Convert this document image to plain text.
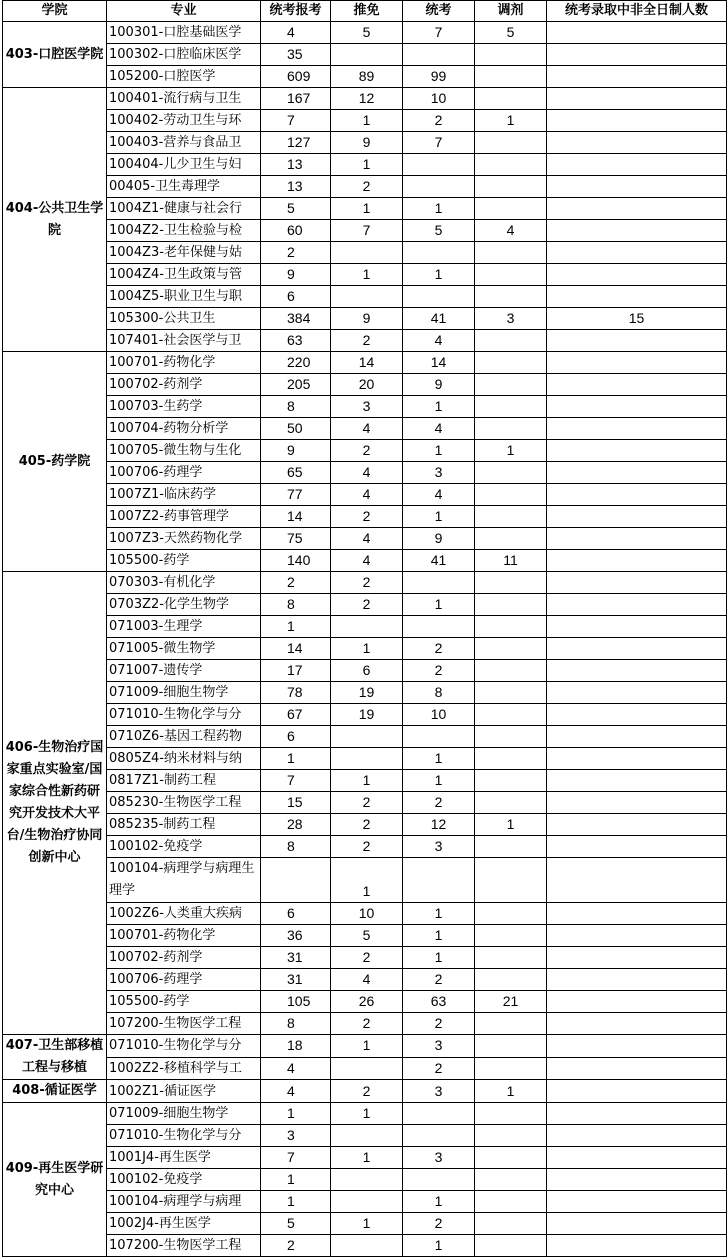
学院	专业	统考报考	推免	统考	调剂	统考录取中非全日制人数
403-口腔医学院	100301-口腔基础医学	4	5	7	5	
	100302-口腔临床医学	35				
	105200-口腔医学	609	89	99		
404-公共卫生学院	100401-流行病与卫生	167	12	10		
	100402-劳动卫生与环	7	1	2	1	
	100403-营养与食品卫	127	9	7		
	100404-儿少卫生与妇	13	1			
	00405-卫生毒理学	13	2			
	1004Z1-健康与社会行	5	1	1		
	1004Z2-卫生检验与检	60	7	5	4	
	1004Z3-老年保健与姑	2				
	1004Z4-卫生政策与管	9	1	1		
	1004Z5-职业卫生与职	6				
	105300-公共卫生	384	9	41	3	15
	107401-社会医学与卫	63	2	4		
405-药学院	100701-药物化学	220	14	14		
	100702-药剂学	205	20	9		
	100703-生药学	8	3	1		
	100704-药物分析学	50	4	4		
	100705-微生物与生化	9	2	1	1	
	100706-药理学	65	4	3		
	1007Z1-临床药学	77	4	4		
	1007Z2-药事管理学	14	2	1		
	1007Z3-天然药物化学	75	4	9		
	105500-药学	140	4	41	11	
406-生物治疗国家重点实验室/国家综合性新药研究开发技术大平台/生物治疗协同创新中心	070303-有机化学	2	2			
	0703Z2-化学生物学	8	2	1		
	071003-生理学	1				
	071005-微生物学	14	1	2		
	071007-遗传学	17	6	2		
	071009-细胞生物学	78	19	8		
	071010-生物化学与分	67	19	10		
	0710Z6-基因工程药物	6				
	0805Z4-纳米材料与纳	1		1		
	0817Z1-制药工程	7	1	1		
	085230-生物医学工程	15	2	2		
	085235-制药工程	28	2	12	1	
	100102-免疫学	8	2	3		
	100104-病理学与病理生理学		1			
	1002Z6-人类重大疾病	6	10	1		
	100701-药物化学	36	5	1		
	100702-药剂学	31	2	1		
	100706-药理学	31	4	2		
	105500-药学	105	26	63	21	
	107200-生物医学工程	8	2	2		
407-卫生部移植工程与移植	071010-生物化学与分	18	1	3		
	1002Z2-移植科学与工	4		2		
408-循证医学	1002Z1-循证医学	4	2	3	1	
409-再生医学研究中心	071009-细胞生物学	1	1			
	071010-生物化学与分	3				
	1001J4-再生医学	7	1	3		
	100102-免疫学	1				
	100104-病理学与病理	1		1		
	1002J4-再生医学	5	1	2		
	107200-生物医学工程	2		1		
